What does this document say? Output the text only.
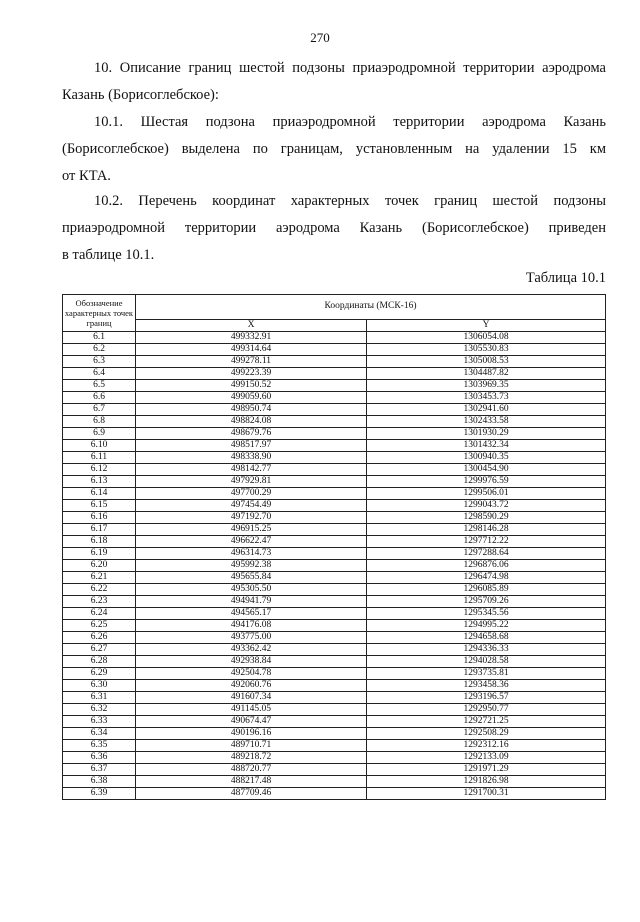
270
10. Описание границ шестой подзоны приаэродромной территории аэродрома
Казань (Борисоглебское):
10.1. Шестая подзона приаэродромной территории аэродрома Казань
(Борисоглебское) выделена по границам, установленным на удалении 15 км
от КТА.
10.2. Перечень координат характерных точек границ шестой подзоны
приаэродромной территории аэродрома Казань (Борисоглебское) приведен
в таблице 10.1.
Таблица 10.1
Обозначение характерных точек границ	Координаты (МСК-16)	
	X	Y
6.1	499332.91	1306054.08
6.2	499314.64	1305530.83
6.3	499278.11	1305008.53
6.4	499223.39	1304487.82
6.5	499150.52	1303969.35
6.6	499059.60	1303453.73
6.7	498950.74	1302941.60
6.8	498824.08	1302433.58
6.9	498679.76	1301930.29
6.10	498517.97	1301432.34
6.11	498338.90	1300940.35
6.12	498142.77	1300454.90
6.13	497929.81	1299976.59
6.14	497700.29	1299506.01
6.15	497454.49	1299043.72
6.16	497192.70	1298590.29
6.17	496915.25	1298146.28
6.18	496622.47	1297712.22
6.19	496314.73	1297288.64
6.20	495992.38	1296876.06
6.21	495655.84	1296474.98
6.22	495305.50	1296085.89
6.23	494941.79	1295709.26
6.24	494565.17	1295345.56
6.25	494176.08	1294995.22
6.26	493775.00	1294658.68
6.27	493362.42	1294336.33
6.28	492938.84	1294028.58
6.29	492504.78	1293735.81
6.30	492060.76	1293458.36
6.31	491607.34	1293196.57
6.32	491145.05	1292950.77
6.33	490674.47	1292721.25
6.34	490196.16	1292508.29
6.35	489710.71	1292312.16
6.36	489218.72	1292133.09
6.37	488720.77	1291971.29
6.38	488217.48	1291826.98
6.39	487709.46	1291700.31
